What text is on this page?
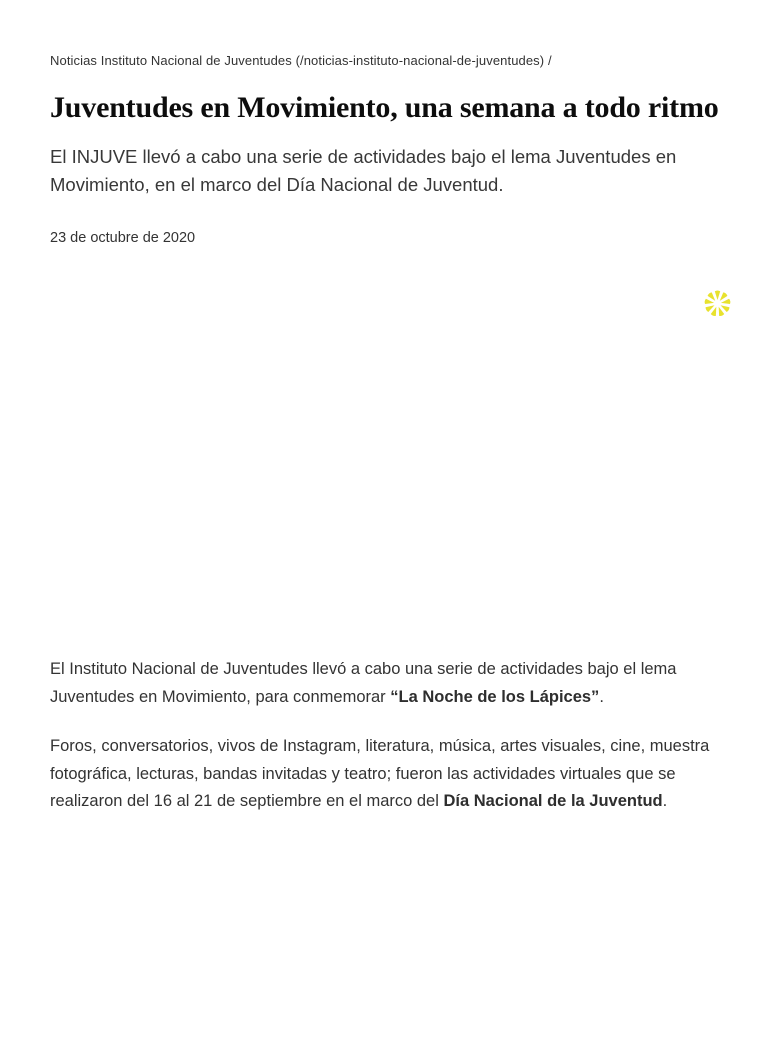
Noticias Instituto Nacional de Juventudes (/noticias-instituto-nacional-de-juventudes) /
Juventudes en Movimiento, una semana a todo ritmo

El INJUVE llevó a cabo una serie de actividades bajo el lema Juventudes en Movimiento, en el marco del Día Nacional de Juventud.

23 de octubre de 2020

El Instituto Nacional de Juventudes llevó a cabo una serie de actividades bajo el lema Juventudes en Movimiento, para conmemorar “La Noche de los Lápices”.

Foros, conversatorios, vivos de Instagram, literatura, música, artes visuales, cine, muestra fotográfica, lecturas, bandas invitadas y teatro; fueron las actividades virtuales que se realizaron del 16 al 21 de septiembre en el marco del Día Nacional de la Juventud.
